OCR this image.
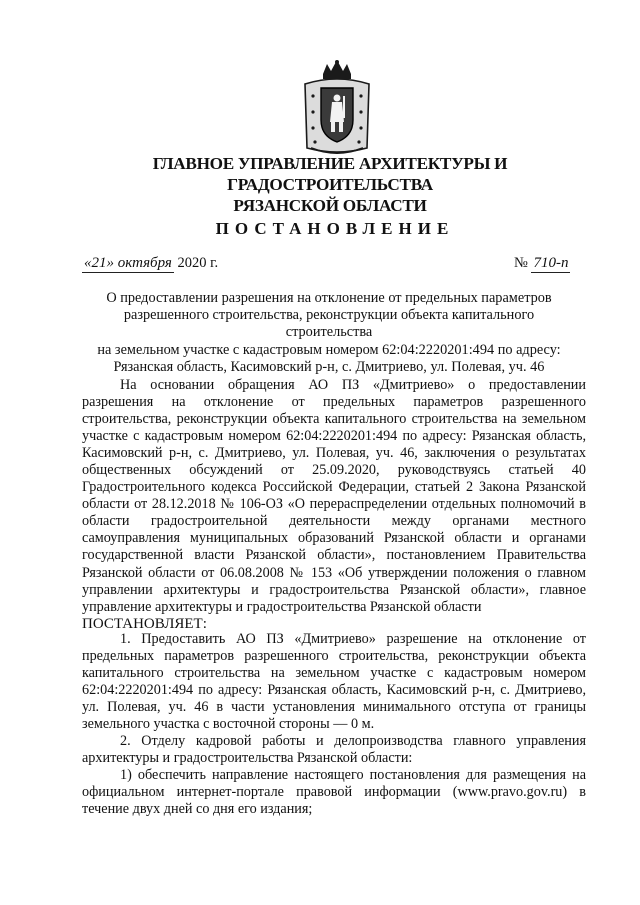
ГЛАВНОЕ УПРАВЛЕНИЕ АРХИТЕКТУРЫ И ГРАДОСТРОИТЕЛЬСТВА
РЯЗАНСКОЙ ОБЛАСТИ
ПОСТАНОВЛЕНИЕ
«21» октября 2020 г.	№ 710-п
О предоставлении разрешения на отклонение от предельных параметров
разрешенного строительства, реконструкции объекта капитального строительства
на земельном участке с кадастровым номером 62:04:2220201:494 по адресу:
Рязанская область, Касимовский р-н, с. Дмитриево, ул. Полевая, уч. 46

На основании обращения АО ПЗ «Дмитриево» о предоставлении разрешения на отклонение от предельных параметров разрешенного строительства, реконструкции объекта капитального строительства на земельном участке с кадастровым номером 62:04:2220201:494 по адресу: Рязанская область, Касимовский р-н, с. Дмитриево, ул. Полевая, уч. 46, заключения о результатах общественных обсуждений от 25.09.2020, руководствуясь статьей 40 Градостроительного кодекса Российской Федерации, статьей 2 Закона Рязанской области от 28.12.2018 № 106-ОЗ «О перераспределении отдельных полномочий в области градостроительной деятельности между органами местного самоуправления муниципальных образований Рязанской области и органами государственной власти Рязанской области», постановлением Правительства Рязанской области от 06.08.2008 № 153 «Об утверждении положения о главном управлении архитектуры и градостроительства Рязанской области», главное управление архитектуры и градостроительства Рязанской области

ПОСТАНОВЛЯЕТ:

1. Предоставить АО ПЗ «Дмитриево» разрешение на отклонение от предельных параметров разрешенного строительства, реконструкции объекта капитального строительства на земельном участке с кадастровым номером 62:04:2220201:494 по адресу: Рязанская область, Касимовский р-н, с. Дмитриево, ул. Полевая, уч. 46 в части установления минимального отступа от границы земельного участка с восточной стороны — 0 м.

2. Отделу кадровой работы и делопроизводства главного управления архитектуры и градостроительства Рязанской области:

1) обеспечить направление настоящего постановления для размещения на официальном интернет-портале правовой информации (www.pravo.gov.ru) в течение двух дней со дня его издания;
